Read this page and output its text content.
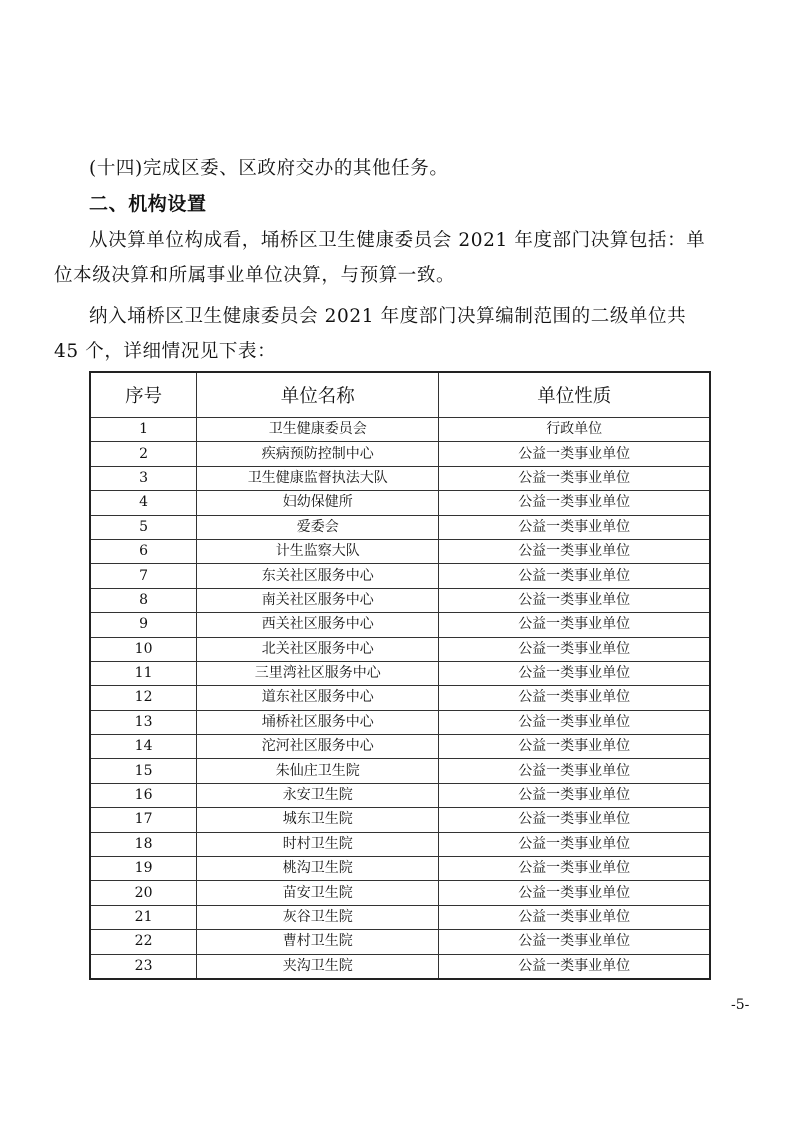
(十四)完成区委、区政府交办的其他任务。

二、机构设置

从决算单位构成看，埇桥区卫生健康委员会 2021 年度部门决算包括：单
位本级决算和所属事业单位决算，与预算一致。

纳入埇桥区卫生健康委员会 2021 年度部门决算编制范围的二级单位共
45 个，详细情况见下表：

序号	单位名称	单位性质
1	卫生健康委员会	行政单位
2	疾病预防控制中心	公益一类事业单位
3	卫生健康监督执法大队	公益一类事业单位
4	妇幼保健所	公益一类事业单位
5	爱委会	公益一类事业单位
6	计生监察大队	公益一类事业单位
7	东关社区服务中心	公益一类事业单位
8	南关社区服务中心	公益一类事业单位
9	西关社区服务中心	公益一类事业单位
10	北关社区服务中心	公益一类事业单位
11	三里湾社区服务中心	公益一类事业单位
12	道东社区服务中心	公益一类事业单位
13	埇桥社区服务中心	公益一类事业单位
14	沱河社区服务中心	公益一类事业单位
15	朱仙庄卫生院	公益一类事业单位
16	永安卫生院	公益一类事业单位
17	城东卫生院	公益一类事业单位
18	时村卫生院	公益一类事业单位
19	桃沟卫生院	公益一类事业单位
20	苗安卫生院	公益一类事业单位
21	灰谷卫生院	公益一类事业单位
22	曹村卫生院	公益一类事业单位
23	夹沟卫生院	公益一类事业单位
-5-
